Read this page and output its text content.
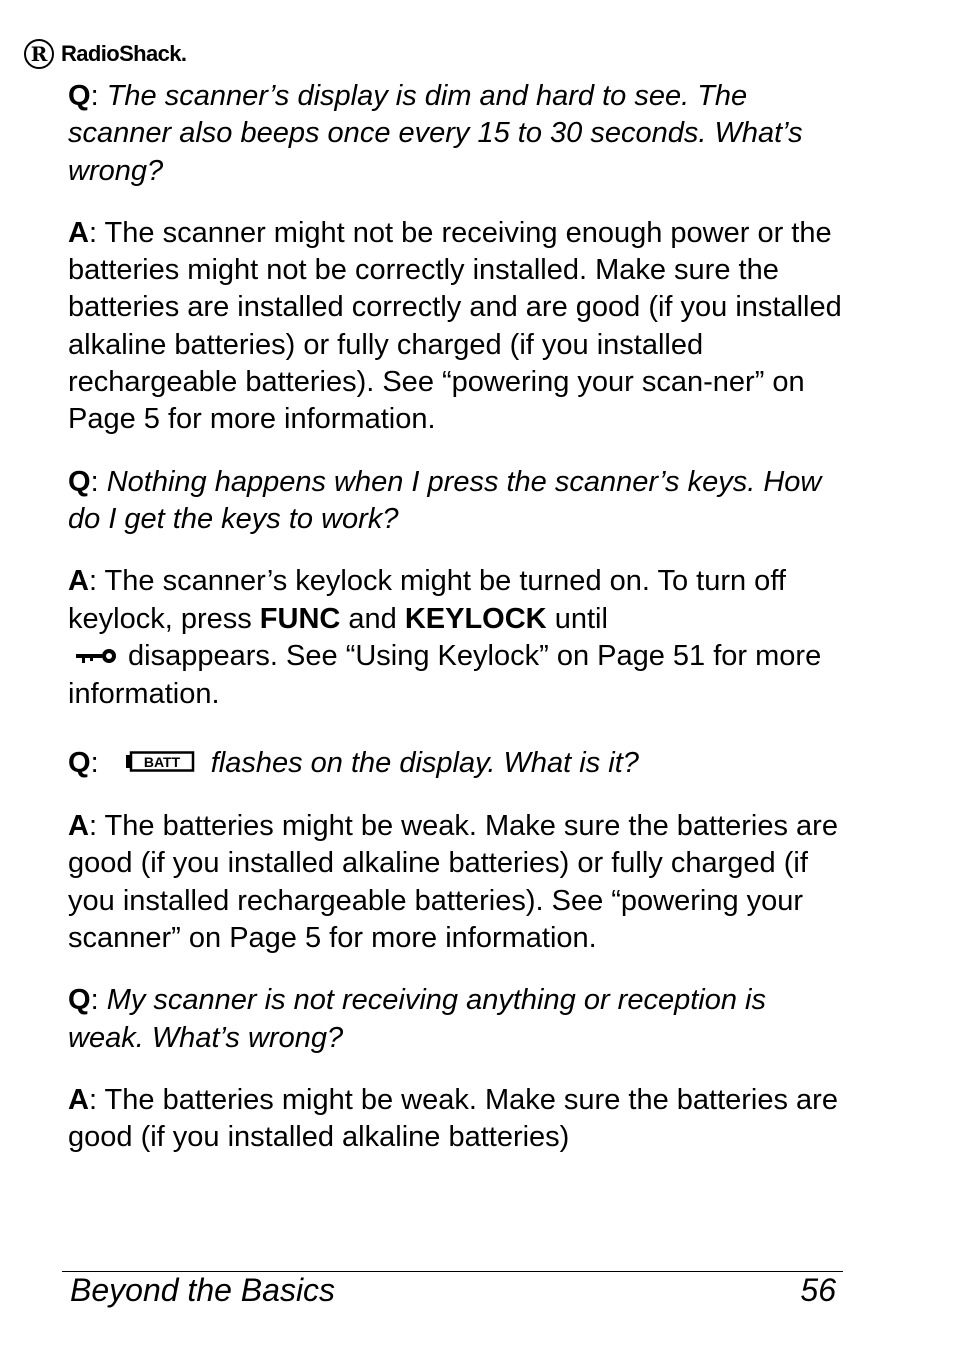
R RadioShack.

Q: The scanner’s display is dim and hard to see. The scanner also beeps once every 15 to 30 seconds. What’s wrong?

A: The scanner might not be receiving enough power or the batteries might not be correctly installed. Make sure the batteries are installed correctly and are good (if you installed alkaline batteries) or fully charged (if you installed rechargeable batteries). See “powering your scan-ner” on Page 5 for more information.

Q: Nothing happens when I press the scanner’s keys. How do I get the keys to work?

A: The scanner’s keylock might be turned on. To turn off keylock, press FUNC and KEYLOCK until
disappears. See “Using Keylock” on Page 51 for more information.

Q:	BATT flashes on the display. What is it?

A: The batteries might be weak. Make sure the batteries are good (if you installed alkaline batteries) or fully charged (if you installed rechargeable batteries). See “powering your scanner” on Page 5 for more information.

Q: My scanner is not receiving anything or reception is weak. What’s wrong?

A: The batteries might be weak. Make sure the batteries are good (if you installed alkaline batteries)

Beyond the Basics	56
